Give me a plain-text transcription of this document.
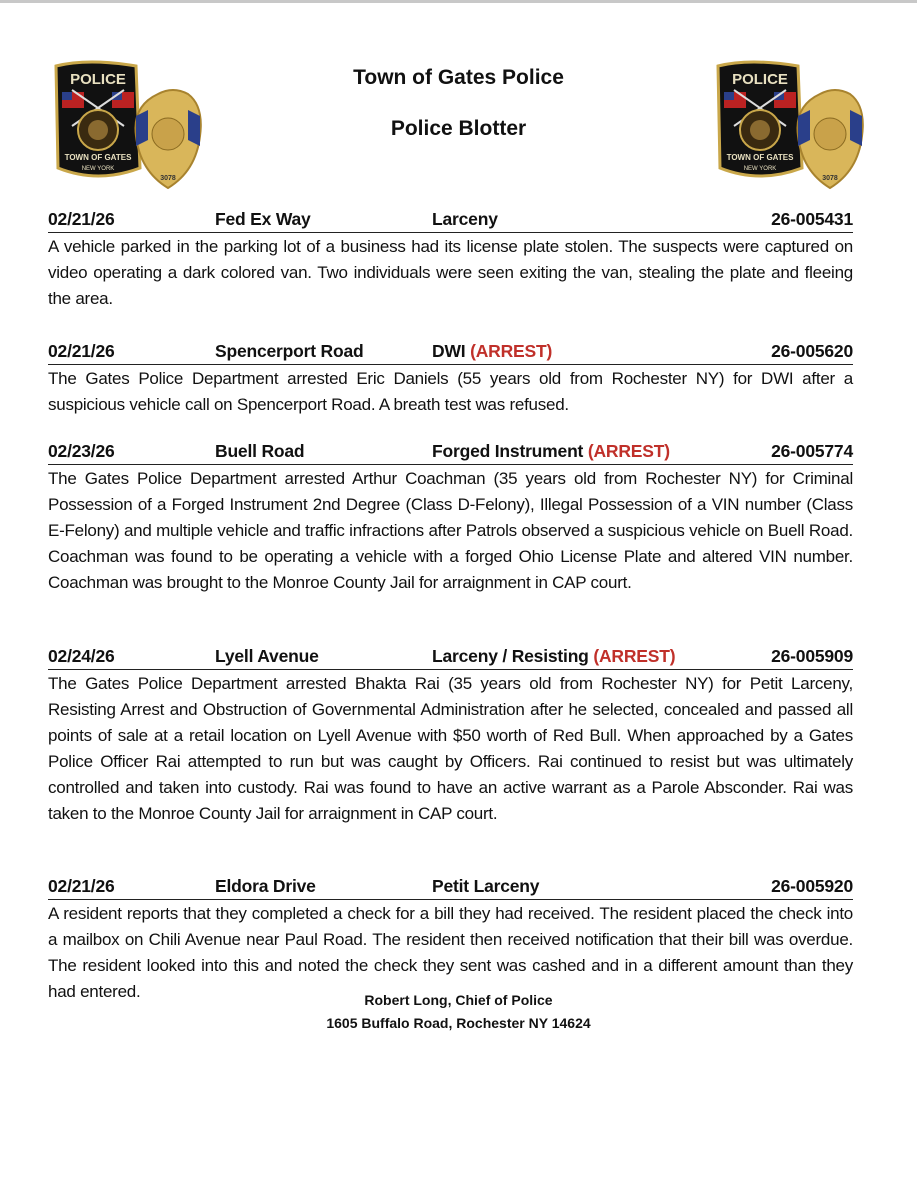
POLICE
TOWN OF GATES
NEW YORK
3078
POLICE
TOWN OF GATES
NEW YORK
3078
Town of Gates Police
Police Blotter
02/21/26	Fed Ex Way	Larceny	26-005431
A vehicle parked in the parking lot of a business had its license plate stolen. The suspects were captured on video operating a dark colored van. Two individuals were seen exiting the van, stealing the plate and fleeing the area.
02/21/26	Spencerport Road	DWI (ARREST)	26-005620
The Gates Police Department arrested Eric Daniels (55 years old from Rochester NY) for DWI after a suspicious vehicle call on Spencerport Road. A breath test was refused.
02/23/26	Buell Road	Forged Instrument (ARREST)	26-005774
The Gates Police Department arrested Arthur Coachman (35 years old from Rochester NY) for Criminal Possession of a Forged Instrument 2nd Degree (Class D-Felony), Illegal Possession of a VIN number (Class E-Felony) and multiple vehicle and traffic infractions after Patrols observed a suspicious vehicle on Buell Road. Coachman was found to be operating a vehicle with a forged Ohio License Plate and altered VIN number. Coachman was brought to the Monroe County Jail for arraignment in CAP court.
02/24/26	Lyell Avenue	Larceny / Resisting (ARREST)	26-005909
The Gates Police Department arrested Bhakta Rai (35 years old from Rochester NY) for Petit Larceny, Resisting Arrest and Obstruction of Governmental Administration after he selected, concealed and passed all points of sale at a retail location on Lyell Avenue with $50 worth of Red Bull. When approached by a Gates Police Officer Rai attempted to run but was caught by Officers. Rai continued to resist but was ultimately controlled and taken into custody. Rai was found to have an active warrant as a Parole Absconder. Rai was taken to the Monroe County Jail for arraignment in CAP court.
02/21/26	Eldora Drive	Petit Larceny	26-005920
A resident reports that they completed a check for a bill they had received. The resident placed the check into a mailbox on Chili Avenue near Paul Road. The resident then received notification that their bill was overdue. The resident looked into this and noted the check they sent was cashed and in a different amount than they had entered.	Robert Long, Chief of Police
1605 Buffalo Road, Rochester NY 14624
